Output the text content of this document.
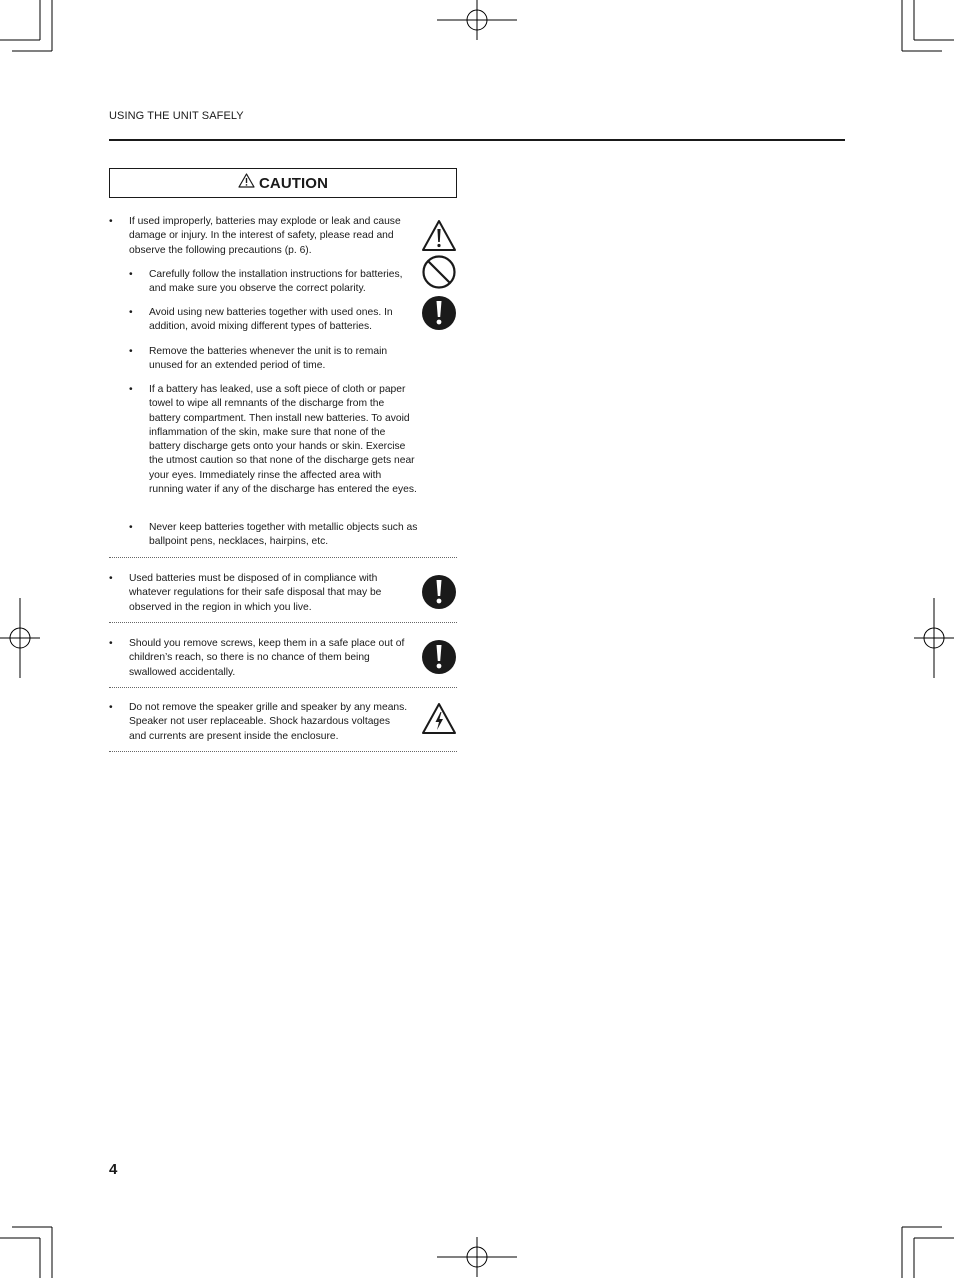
USING THE UNIT SAFELY
CAUTION
• If used improperly, batteries may explode or leak and cause damage or injury. In the interest of safety, please read and observe the following precautions (p. 6).
• Carefully follow the installation instructions for batteries, and make sure you observe the correct polarity.
• Avoid using new batteries together with used ones. In addition, avoid mixing different types of batteries.
• Remove the batteries whenever the unit is to remain unused for an extended period of time.
• If a battery has leaked, use a soft piece of cloth or paper towel to wipe all remnants of the discharge from the battery compartment. Then install new batteries. To avoid inflammation of the skin, make sure that none of the battery discharge gets onto your hands or skin. Exercise the utmost caution so that none of the discharge gets near your eyes. Immediately rinse the affected area with running water if any of the discharge has entered the eyes.
• Never keep batteries together with metallic objects such as ballpoint pens, necklaces, hairpins, etc.
• Used batteries must be disposed of in compliance with whatever regulations for their safe disposal that may be observed in the region in which you live.
• Should you remove screws, keep them in a safe place out of children’s reach, so there is no chance of them being swallowed accidentally.
• Do not remove the speaker grille and speaker by any means. Speaker not user replaceable. Shock hazardous voltages and currents are present inside the enclosure.
4
